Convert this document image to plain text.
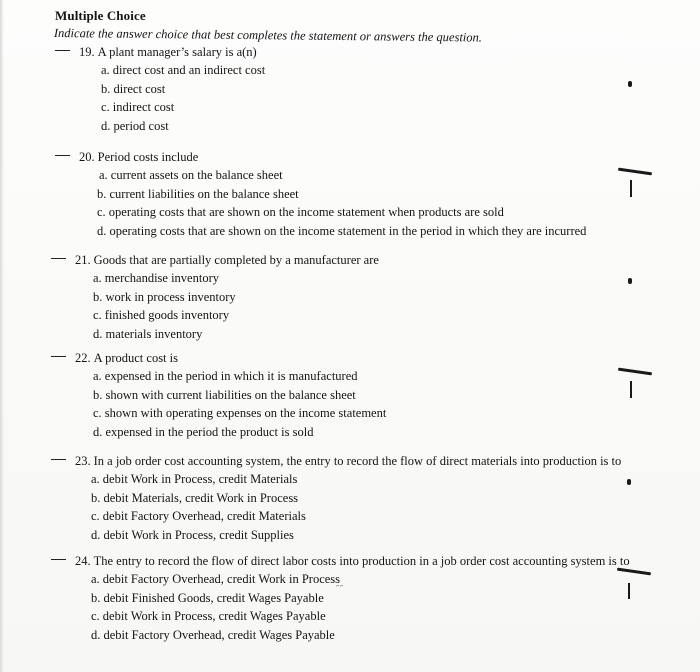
Multiple Choice
Indicate the answer choice that best completes the statement or answers the question.
19. A plant manager’s salary is a(n)
a. direct cost and an indirect cost
b. direct cost
c. indirect cost
d. period cost
20. Period costs include
a. current assets on the balance sheet
b. current liabilities on the balance sheet
c. operating costs that are shown on the income statement when products are sold
d. operating costs that are shown on the income statement in the period in which they are incurred
21. Goods that are partially completed by a manufacturer are
a. merchandise inventory
b. work in process inventory
c. finished goods inventory
d. materials inventory
22. A product cost is
a. expensed in the period in which it is manufactured
b. shown with current liabilities on the balance sheet
c. shown with operating expenses on the income statement
d. expensed in the period the product is sold
23. In a job order cost accounting system, the entry to record the flow of direct materials into production is to
a. debit Work in Process, credit Materials
b. debit Materials, credit Work in Process
c. debit Factory Overhead, credit Materials
d. debit Work in Process, credit Supplies
24. The entry to record the flow of direct labor costs into production in a job order cost accounting system is to
a. debit Factory Overhead, credit Work in Process
b. debit Finished Goods, credit Wages Payable
c. debit Work in Process, credit Wages Payable
d. debit Factory Overhead, credit Wages Payable
ᵔᵔ
